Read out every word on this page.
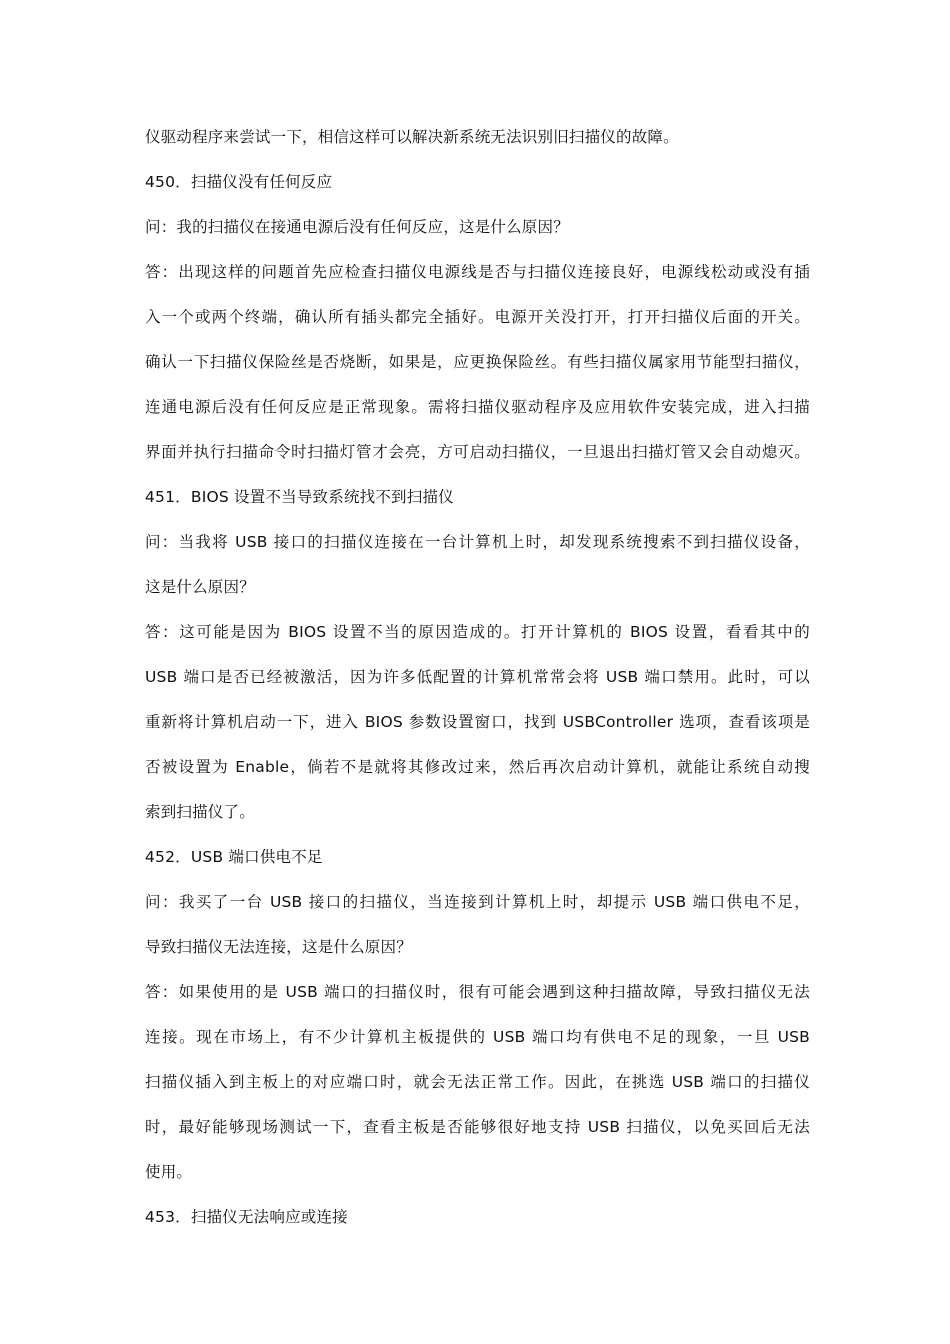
仪驱动程序来尝试一下，相信这样可以解决新系统无法识别旧扫描仪的故障。
450．扫描仪没有任何反应
问：我的扫描仪在接通电源后没有任何反应，这是什么原因？
答：出现这样的问题首先应检查扫描仪电源线是否与扫描仪连接良好，电源线松动或没有插
入一个或两个终端，确认所有插头都完全插好。电源开关没打开，打开扫描仪后面的开关。
确认一下扫描仪保险丝是否烧断，如果是，应更换保险丝。有些扫描仪属家用节能型扫描仪，
连通电源后没有任何反应是正常现象。需将扫描仪驱动程序及应用软件安装完成，进入扫描
界面并执行扫描命令时扫描灯管才会亮，方可启动扫描仪，一旦退出扫描灯管又会自动熄灭。
451．BIOS 设置不当导致系统找不到扫描仪
问：当我将 USB 接口的扫描仪连接在一台计算机上时，却发现系统搜索不到扫描仪设备，
这是什么原因？
答：这可能是因为 BIOS 设置不当的原因造成的。打开计算机的 BIOS 设置，看看其中的
USB 端口是否已经被激活，因为许多低配置的计算机常常会将 USB 端口禁用。此时，可以
重新将计算机启动一下，进入 BIOS 参数设置窗口，找到 USBController 选项，查看该项是
否被设置为 Enable，倘若不是就将其修改过来，然后再次启动计算机，就能让系统自动搜
索到扫描仪了。
452．USB 端口供电不足
问：我买了一台 USB 接口的扫描仪，当连接到计算机上时，却提示 USB 端口供电不足，
导致扫描仪无法连接，这是什么原因？
答：如果使用的是 USB 端口的扫描仪时，很有可能会遇到这种扫描故障，导致扫描仪无法
连接。现在市场上，有不少计算机主板提供的 USB 端口均有供电不足的现象，一旦 USB
扫描仪插入到主板上的对应端口时，就会无法正常工作。因此，在挑选 USB 端口的扫描仪
时，最好能够现场测试一下，查看主板是否能够很好地支持 USB 扫描仪，以免买回后无法
使用。
453．扫描仪无法响应或连接
